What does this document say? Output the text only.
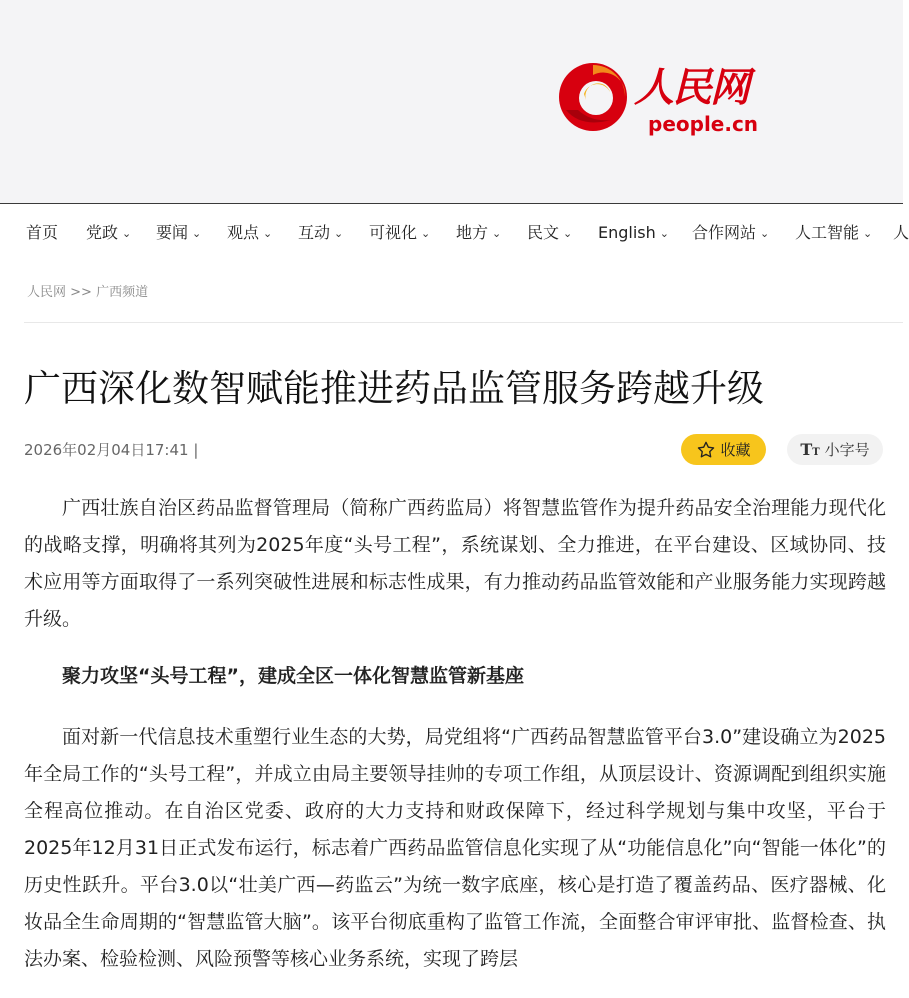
人民网
people.cn
首页 党政 ⌄ 要闻 ⌄ 观点 ⌄ 互动 ⌄ 可视化 ⌄ 地方 ⌄ 民文 ⌄ English ⌄ 合作网站 ⌄ 人工智能 ⌄ 人
人民网 >> 广西频道
广西深化数智赋能推进药品监管服务跨越升级
2026年02月04日17:41 |	收藏	TT 小字号

广西壮族自治区药品监督管理局（简称广西药监局）将智慧监管作为提升药品安全治理能力现代化的战略支撑，明确将其列为2025年度“头号工程”，系统谋划、全力推进，在平台建设、区域协同、技术应用等方面取得了一系列突破性进展和标志性成果，有力推动药品监管效能和产业服务能力实现跨越升级。

聚力攻坚“头号工程”，建成全区一体化智慧监管新基座

面对新一代信息技术重塑行业生态的大势，局党组将“广西药品智慧监管平台3.0”建设确立为2025年全局工作的“头号工程”，并成立由局主要领导挂帅的专项工作组，从顶层设计、资源调配到组织实施全程高位推动。在自治区党委、政府的大力支持和财政保障下，经过科学规划与集中攻坚，平台于2025年12月31日正式发布运行，标志着广西药品监管信息化实现了从“功能信息化”向“智能一体化”的历史性跃升。平台3.0以“壮美广西—药监云”为统一数字底座，核心是打造了覆盖药品、医疗器械、化妆品全生命周期的“智慧监管大脑”。该平台彻底重构了监管工作流，全面整合审评审批、监督检查、执法办案、检验检测、风险预警等核心业务系统，实现了跨层
